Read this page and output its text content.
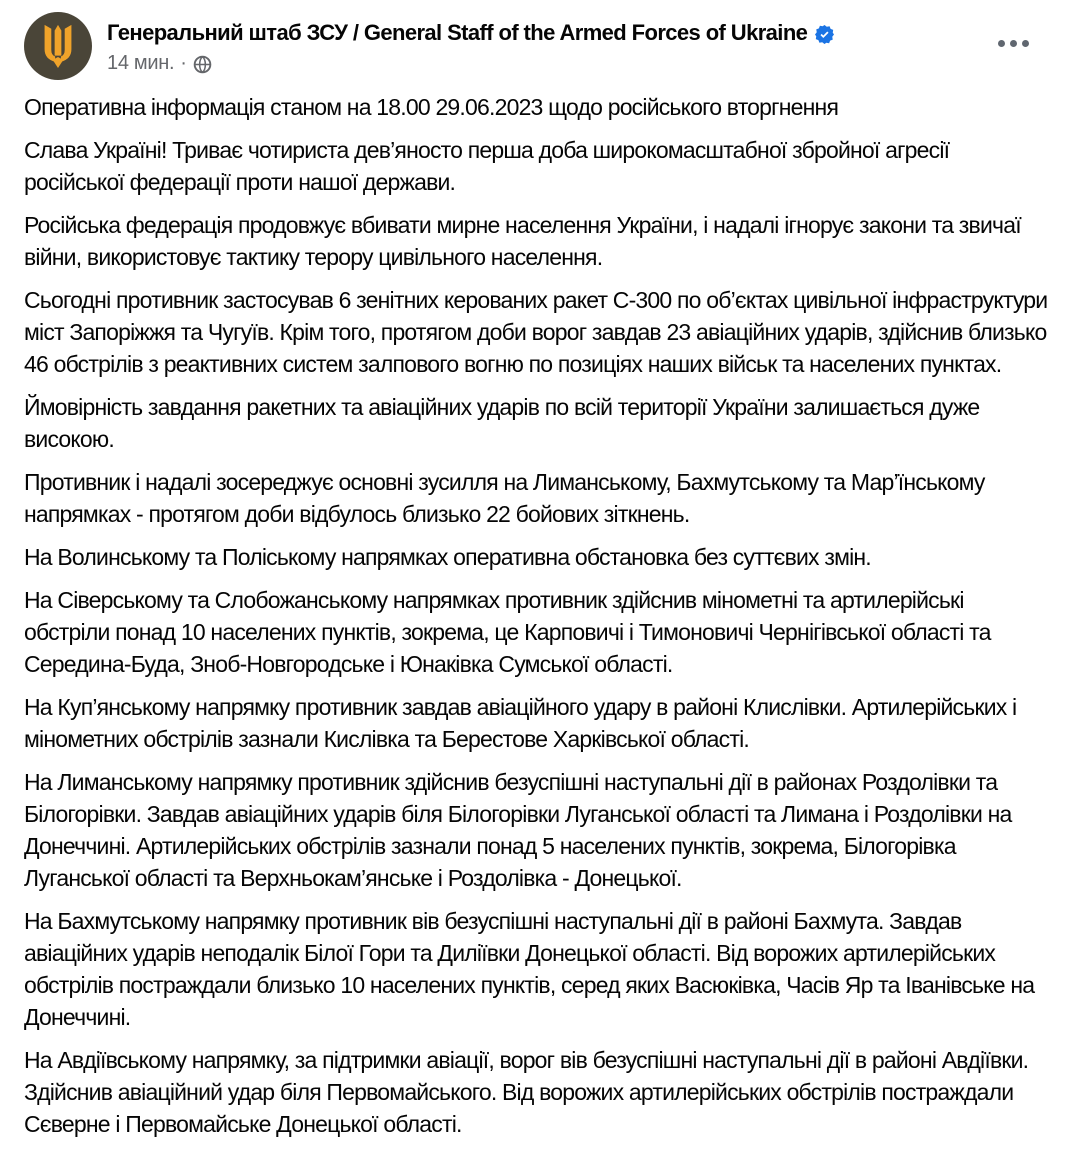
Генеральний штаб ЗСУ / General Staff of the Armed Forces of Ukraine
14 мин. ·

Оперативна інформація станом на 18.00 29.06.2023 щодо російського вторгнення

Слава Україні! Триває чотириста дев’яносто перша доба широкомасштабної збройної агресії російської федерації проти нашої держави.

Російська федерація продовжує вбивати мирне населення України, і надалі ігнорує закони та звичаї війни, використовує тактику терору цивільного населення.

Сьогодні противник застосував 6 зенітних керованих ракет С-300 по об’єктах цивільної інфраструктури міст Запоріжжя та Чугуїв. Крім того, протягом доби ворог завдав 23 авіаційних ударів, здійснив близько 46 обстрілів з реактивних систем залпового вогню по позиціях наших військ та населених пунктах.

Ймовірність завдання ракетних та авіаційних ударів по всій території України залишається дуже високою.

Противник і надалі зосереджує основні зусилля на Лиманському, Бахмутському та Мар’їнському напрямках - протягом доби відбулось близько 22 бойових зіткнень.

На Волинському та Поліському напрямках оперативна обстановка без суттєвих змін.

На Сіверському та Слобожанському напрямках противник здійснив мінометні та артилерійські обстріли понад 10 населених пунктів, зокрема, це Карповичі і Тимоновичі Чернігівської області та Середина-Буда, Зноб-Новгородське і Юнаківка Сумської області.

На Куп’янському напрямку противник завдав авіаційного удару в районі Клислівки. Артилерійських і мінометних обстрілів зазнали Кислівка та Берестове Харківської області.

На Лиманському напрямку противник здійснив безуспішні наступальні дії в районах Роздолівки та Білогорівки. Завдав авіаційних ударів біля Білогорівки Луганської області та Лимана і Роздолівки на Донеччині. Артилерійських обстрілів зазнали понад 5 населених пунктів, зокрема, Білогорівка Луганської області та Верхньокам’янське і Роздолівка - Донецької.

На Бахмутському напрямку противник вів безуспішні наступальні дії в районі Бахмута. Завдав авіаційних ударів неподалік Білої Гори та Диліївки Донецької області. Від ворожих артилерійських обстрілів постраждали близько 10 населених пунктів, серед яких Васюківка, Часів Яр та Іванівське на Донеччині.

На Авдіївському напрямку, за підтримки авіації, ворог вів безуспішні наступальні дії в районі Авдіївки. Здійснив авіаційний удар біля Первомайського. Від ворожих артилерійських обстрілів постраждали Сєверне і Первомайське Донецької області.
